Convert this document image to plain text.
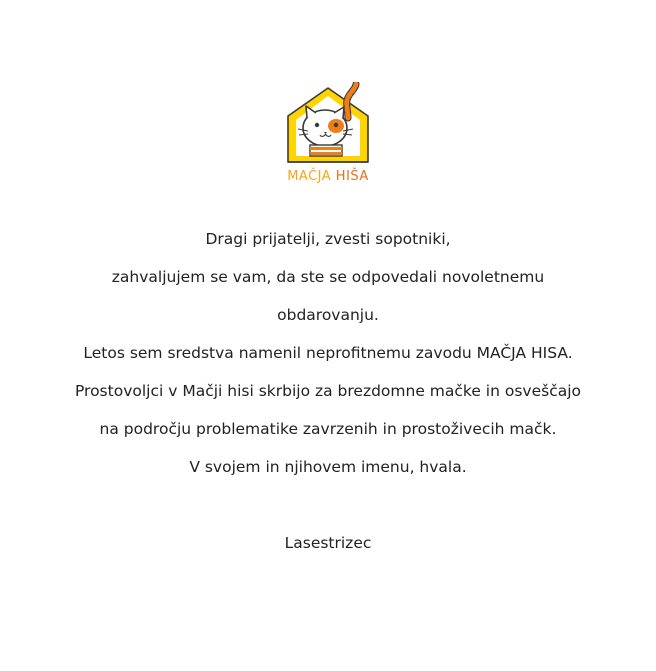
MAČJA HIŠA

Dragi prijatelji, zvesti sopotniki,

zahvaljujem se vam, da ste se odpovedali novoletnemu

obdarovanju.

Letos sem sredstva namenil neprofitnemu zavodu MAČJA HISA.

Prostovoljci v Mačji hisi skrbijo za brezdomne mačke in osveščajo

na področju problematike zavrzenih in prostoživecih mačk.

V svojem in njihovem imenu, hvala.

Lasestrizec
